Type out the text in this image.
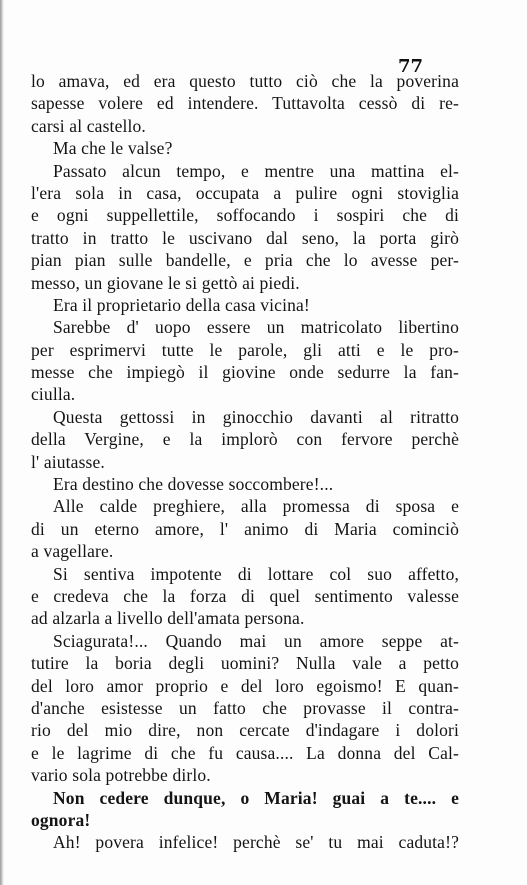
77
lo amava, ed era questo tutto ciò che la poverina
sapesse volere ed intendere. Tuttavolta cessò di re-
carsi al castello.
Ma che le valse?
Passato alcun tempo, e mentre una mattina el-
l'era sola in casa, occupata a pulire ogni stoviglia
e ogni suppellettile, soffocando i sospiri che di
tratto in tratto le uscivano dal seno, la porta girò
pian pian sulle bandelle, e pria che lo avesse per-
messo, un giovane le si gettò ai piedi.
Era il proprietario della casa vicina!
Sarebbe d' uopo essere un matricolato libertino
per esprimervi tutte le parole, gli atti e le pro-
messe che impiegò il giovine onde sedurre la fan-
ciulla.
Questa gettossi in ginocchio davanti al ritratto
della Vergine, e la implorò con fervore perchè
l' aiutasse.
Era destino che dovesse soccombere!...
Alle calde preghiere, alla promessa di sposa e
di un eterno amore, l' animo di Maria cominciò
a vagellare.
Si sentiva impotente di lottare col suo affetto,
e credeva che la forza di quel sentimento valesse
ad alzarla a livello dell'amata persona.
Sciagurata!... Quando mai un amore seppe at-
tutire la boria degli uomini? Nulla vale a petto
del loro amor proprio e del loro egoismo! E quan-
d'anche esistesse un fatto che provasse il contra-
rio del mio dire, non cercate d'indagare i dolori
e le lagrime di che fu causa.... La donna del Cal-
vario sola potrebbe dirlo.
Non cedere dunque, o Maria! guai a te.... e
ognora!
Ah! povera infelice! perchè se' tu mai caduta!?
